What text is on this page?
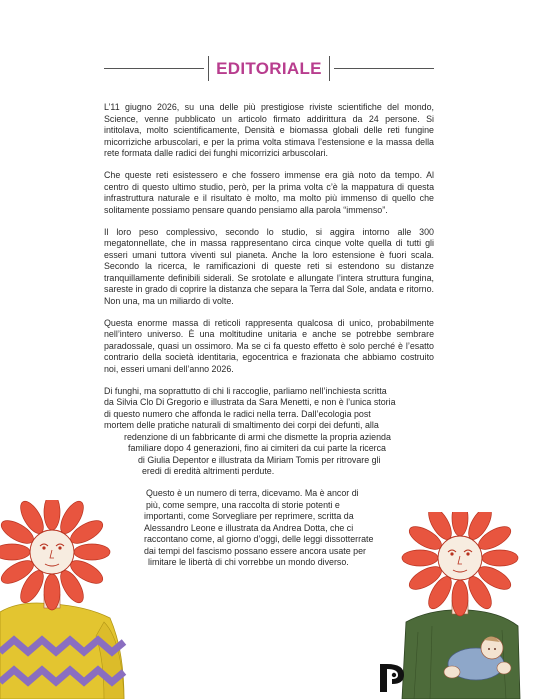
EDITORIALE

L’11 giugno 2026, su una delle più prestigiose riviste scientifiche del mondo, Science, venne pubblicato un articolo firmato addirittura da 24 persone. Si intitolava, molto scientificamente, Densità e biomassa globali delle reti fungine micorriziche arbuscolari, e per la prima volta stimava l’estensione e la massa della rete formata dalle radici dei funghi micorrizici arbuscolari.

Che queste reti esistessero e che fossero immense era già noto da tempo. Al centro di questo ultimo studio, però, per la prima volta c’è la mappatura di questa infrastruttura naturale e il risultato è molto, ma molto più immenso di quello che solitamente possiamo pensare quando pensiamo alla parola “immenso”.

Il loro peso complessivo, secondo lo studio, si aggira intorno alle 300 megatonnellate, che in massa rappresentano circa cinque volte quella di tutti gli esseri umani tuttora viventi sul pianeta. Anche la loro estensione è fuori scala. Secondo la ricerca, le ramificazioni di queste reti si estendono su distanze tranquillamente definibili siderali. Se srotolate e allungate l’intera struttura fungina, sareste in grado di coprire la distanza che separa la Terra dal Sole, andata e ritorno. Non una, ma un miliardo di volte.

Questa enorme massa di reticoli rappresenta qualcosa di unico, probabilmente nell’intero universo. È una moltitudine unitaria e anche se potrebbe sembrare paradossale, quasi un ossimoro. Ma se ci fa questo effetto è solo perché è l’esatto contrario della società identitaria, egocentrica e frazionata che abbiamo costruito noi, esseri umani dell’anno 2026.

Di funghi, ma soprattutto di chi li raccoglie, parliamo nell’inchiesta scritta
da Silvia Clo Di Gregorio e illustrata da Sara Menetti, e non è l’unica storia
di questo numero che affonda le radici nella terra. Dall’ecologia post
mortem delle pratiche naturali di smaltimento dei corpi dei defunti, alla
redenzione di un fabbricante di armi che dismette la propria azienda
familiare dopo 4 generazioni, fino ai cimiteri da cui parte la ricerca
di Giulia Depentor e illustrata da Miriam Tomis per ritrovare gli
eredi di eredità altrimenti perdute.
Questo è un numero di terra, dicevamo. Ma è ancor di
più, come sempre, una raccolta di storie potenti e
importanti, come Sorvegliare per reprimere, scritta da
Alessandro Leone e illustrata da Andrea Dotta, che ci
raccontano come, al giorno d’oggi, delle leggi dissotterrate
dai tempi del fascismo possano essere ancora usate per
limitare le libertà di chi vorrebbe un mondo diverso.
